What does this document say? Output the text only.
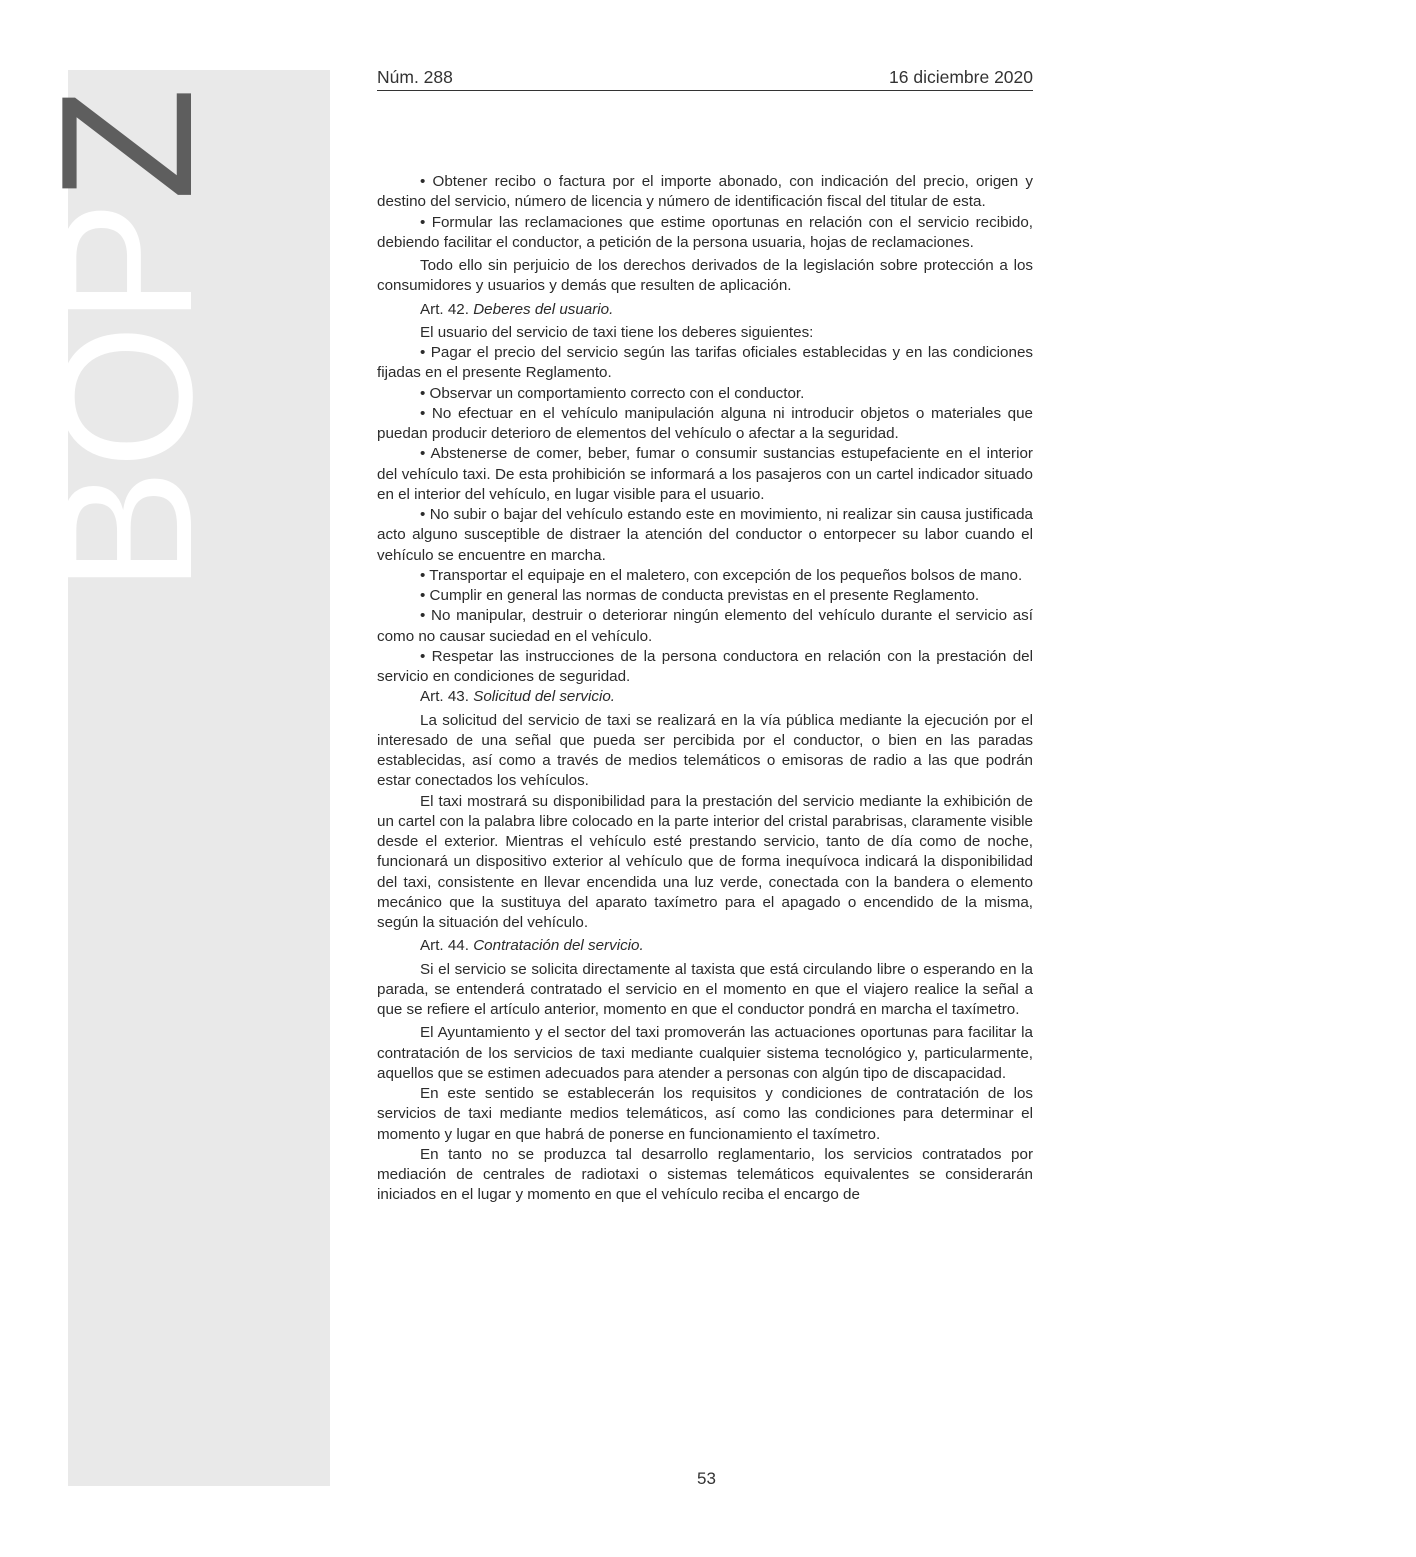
BOPZ
Núm. 288	16 diciembre 2020

• Obtener recibo o factura por el importe abonado, con indicación del precio, origen y destino del servicio, número de licencia y número de identificación fiscal del titular de esta.

• Formular las reclamaciones que estime oportunas en relación con el servicio recibido, debiendo facilitar el conductor, a petición de la persona usuaria, hojas de reclamaciones.

Todo ello sin perjuicio de los derechos derivados de la legislación sobre protección a los consumidores y usuarios y demás que resulten de aplicación.

Art. 42. Deberes del usuario.

El usuario del servicio de taxi tiene los deberes siguientes:

• Pagar el precio del servicio según las tarifas oficiales establecidas y en las condiciones fijadas en el presente Reglamento.

• Observar un comportamiento correcto con el conductor.

• No efectuar en el vehículo manipulación alguna ni introducir objetos o materiales que puedan producir deterioro de elementos del vehículo o afectar a la seguridad.

• Abstenerse de comer, beber, fumar o consumir sustancias estupefaciente en el interior del vehículo taxi. De esta prohibición se informará a los pasajeros con un cartel indicador situado en el interior del vehículo, en lugar visible para el usuario.

• No subir o bajar del vehículo estando este en movimiento, ni realizar sin causa justificada acto alguno susceptible de distraer la atención del conductor o entorpecer su labor cuando el vehículo se encuentre en marcha.

• Transportar el equipaje en el maletero, con excepción de los pequeños bolsos de mano.

• Cumplir en general las normas de conducta previstas en el presente Reglamento.

• No manipular, destruir o deteriorar ningún elemento del vehículo durante el servicio así como no causar suciedad en el vehículo.

• Respetar las instrucciones de la persona conductora en relación con la prestación del servicio en condiciones de seguridad.

Art. 43. Solicitud del servicio.

La solicitud del servicio de taxi se realizará en la vía pública mediante la ejecución por el interesado de una señal que pueda ser percibida por el conductor, o bien en las paradas establecidas, así como a través de medios telemáticos o emisoras de radio a las que podrán estar conectados los vehículos.

El taxi mostrará su disponibilidad para la prestación del servicio mediante la exhibición de un cartel con la palabra libre colocado en la parte interior del cristal parabrisas, claramente visible desde el exterior. Mientras el vehículo esté prestando servicio, tanto de día como de noche, funcionará un dispositivo exterior al vehículo que de forma inequívoca indicará la disponibilidad del taxi, consistente en llevar encendida una luz verde, conectada con la bandera o elemento mecánico que la sustituya del aparato taxímetro para el apagado o encendido de la misma, según la situación del vehículo.

Art. 44. Contratación del servicio.

Si el servicio se solicita directamente al taxista que está circulando libre o esperando en la parada, se entenderá contratado el servicio en el momento en que el viajero realice la señal a que se refiere el artículo anterior, momento en que el conductor pondrá en marcha el taxímetro.

El Ayuntamiento y el sector del taxi promoverán las actuaciones oportunas para facilitar la contratación de los servicios de taxi mediante cualquier sistema tecnológico y, particularmente, aquellos que se estimen adecuados para atender a personas con algún tipo de discapacidad.

En este sentido se establecerán los requisitos y condiciones de contratación de los servicios de taxi mediante medios telemáticos, así como las condiciones para determinar el momento y lugar en que habrá de ponerse en funcionamiento el taxímetro.

En tanto no se produzca tal desarrollo reglamentario, los servicios contratados por mediación de centrales de radiotaxi o sistemas telemáticos equivalentes se considerarán iniciados en el lugar y momento en que el vehículo reciba el encargo de

53
